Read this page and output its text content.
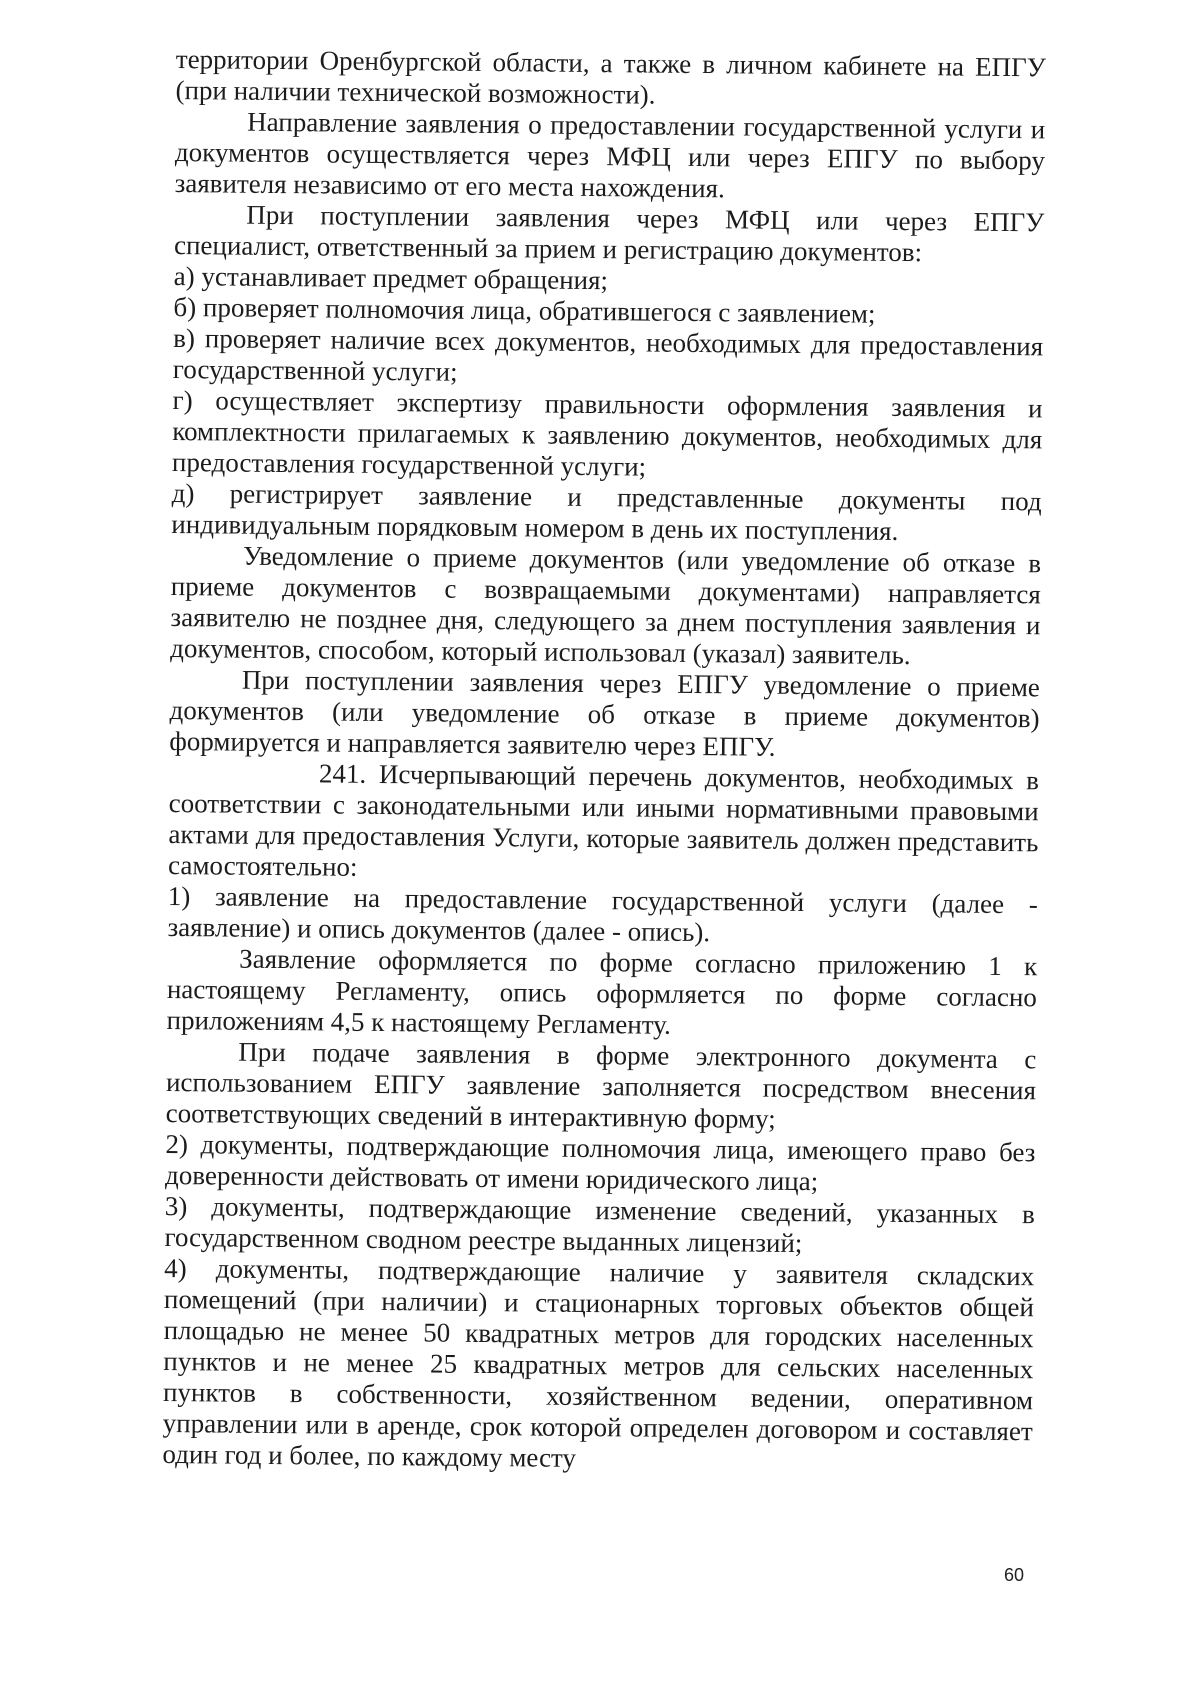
территории Оренбургской области, а также в личном кабинете на ЕПГУ (при наличии технической возможности).

Направление заявления о предоставлении государственной услуги и документов осуществляется через МФЦ или через ЕПГУ по выбору заявителя независимо от его места нахождения.

При поступлении заявления через МФЦ или через ЕПГУ специалист, ответственный за прием и регистрацию документов:

а) устанавливает предмет обращения;

б) проверяет полномочия лица, обратившегося с заявлением;

в) проверяет наличие всех документов, необходимых для предоставления государственной услуги;

г) осуществляет экспертизу правильности оформления заявления и комплектности прилагаемых к заявлению документов, необходимых для предоставления государственной услуги;

д) регистрирует заявление и представленные документы под индивидуальным порядковым номером в день их поступления.

Уведомление о приеме документов (или уведомление об отказе в приеме документов с возвращаемыми документами) направляется заявителю не позднее дня, следующего за днем поступления заявления и документов, способом, который использовал (указал) заявитель.

При поступлении заявления через ЕПГУ уведомление о приеме документов (или уведомление об отказе в приеме документов) формируется и направляется заявителю через ЕПГУ.

241. Исчерпывающий перечень документов, необходимых в соответствии с законодательными или иными нормативными правовыми актами для предоставления Услуги, которые заявитель должен представить самостоятельно:

1) заявление на предоставление государственной услуги (далее - заявление) и опись документов (далее - опись).

Заявление оформляется по форме согласно приложению 1 к настоящему Регламенту, опись оформляется по форме согласно приложениям 4,5 к настоящему Регламенту.

При подаче заявления в форме электронного документа с использованием ЕПГУ заявление заполняется посредством внесения соответствующих сведений в интерактивную форму;

2) документы, подтверждающие полномочия лица, имеющего право без доверенности действовать от имени юридического лица;

3) документы, подтверждающие изменение сведений, указанных в государственном сводном реестре выданных лицензий;

4) документы, подтверждающие наличие у заявителя складских помещений (при наличии) и стационарных торговых объектов общей площадью не менее 50 квадратных метров для городских населенных пунктов и не менее 25 квадратных метров для сельских населенных пунктов в собственности, хозяйственном ведении, оперативном управлении или в аренде, срок которой определен договором и составляет один год и более, по каждому месту

60
